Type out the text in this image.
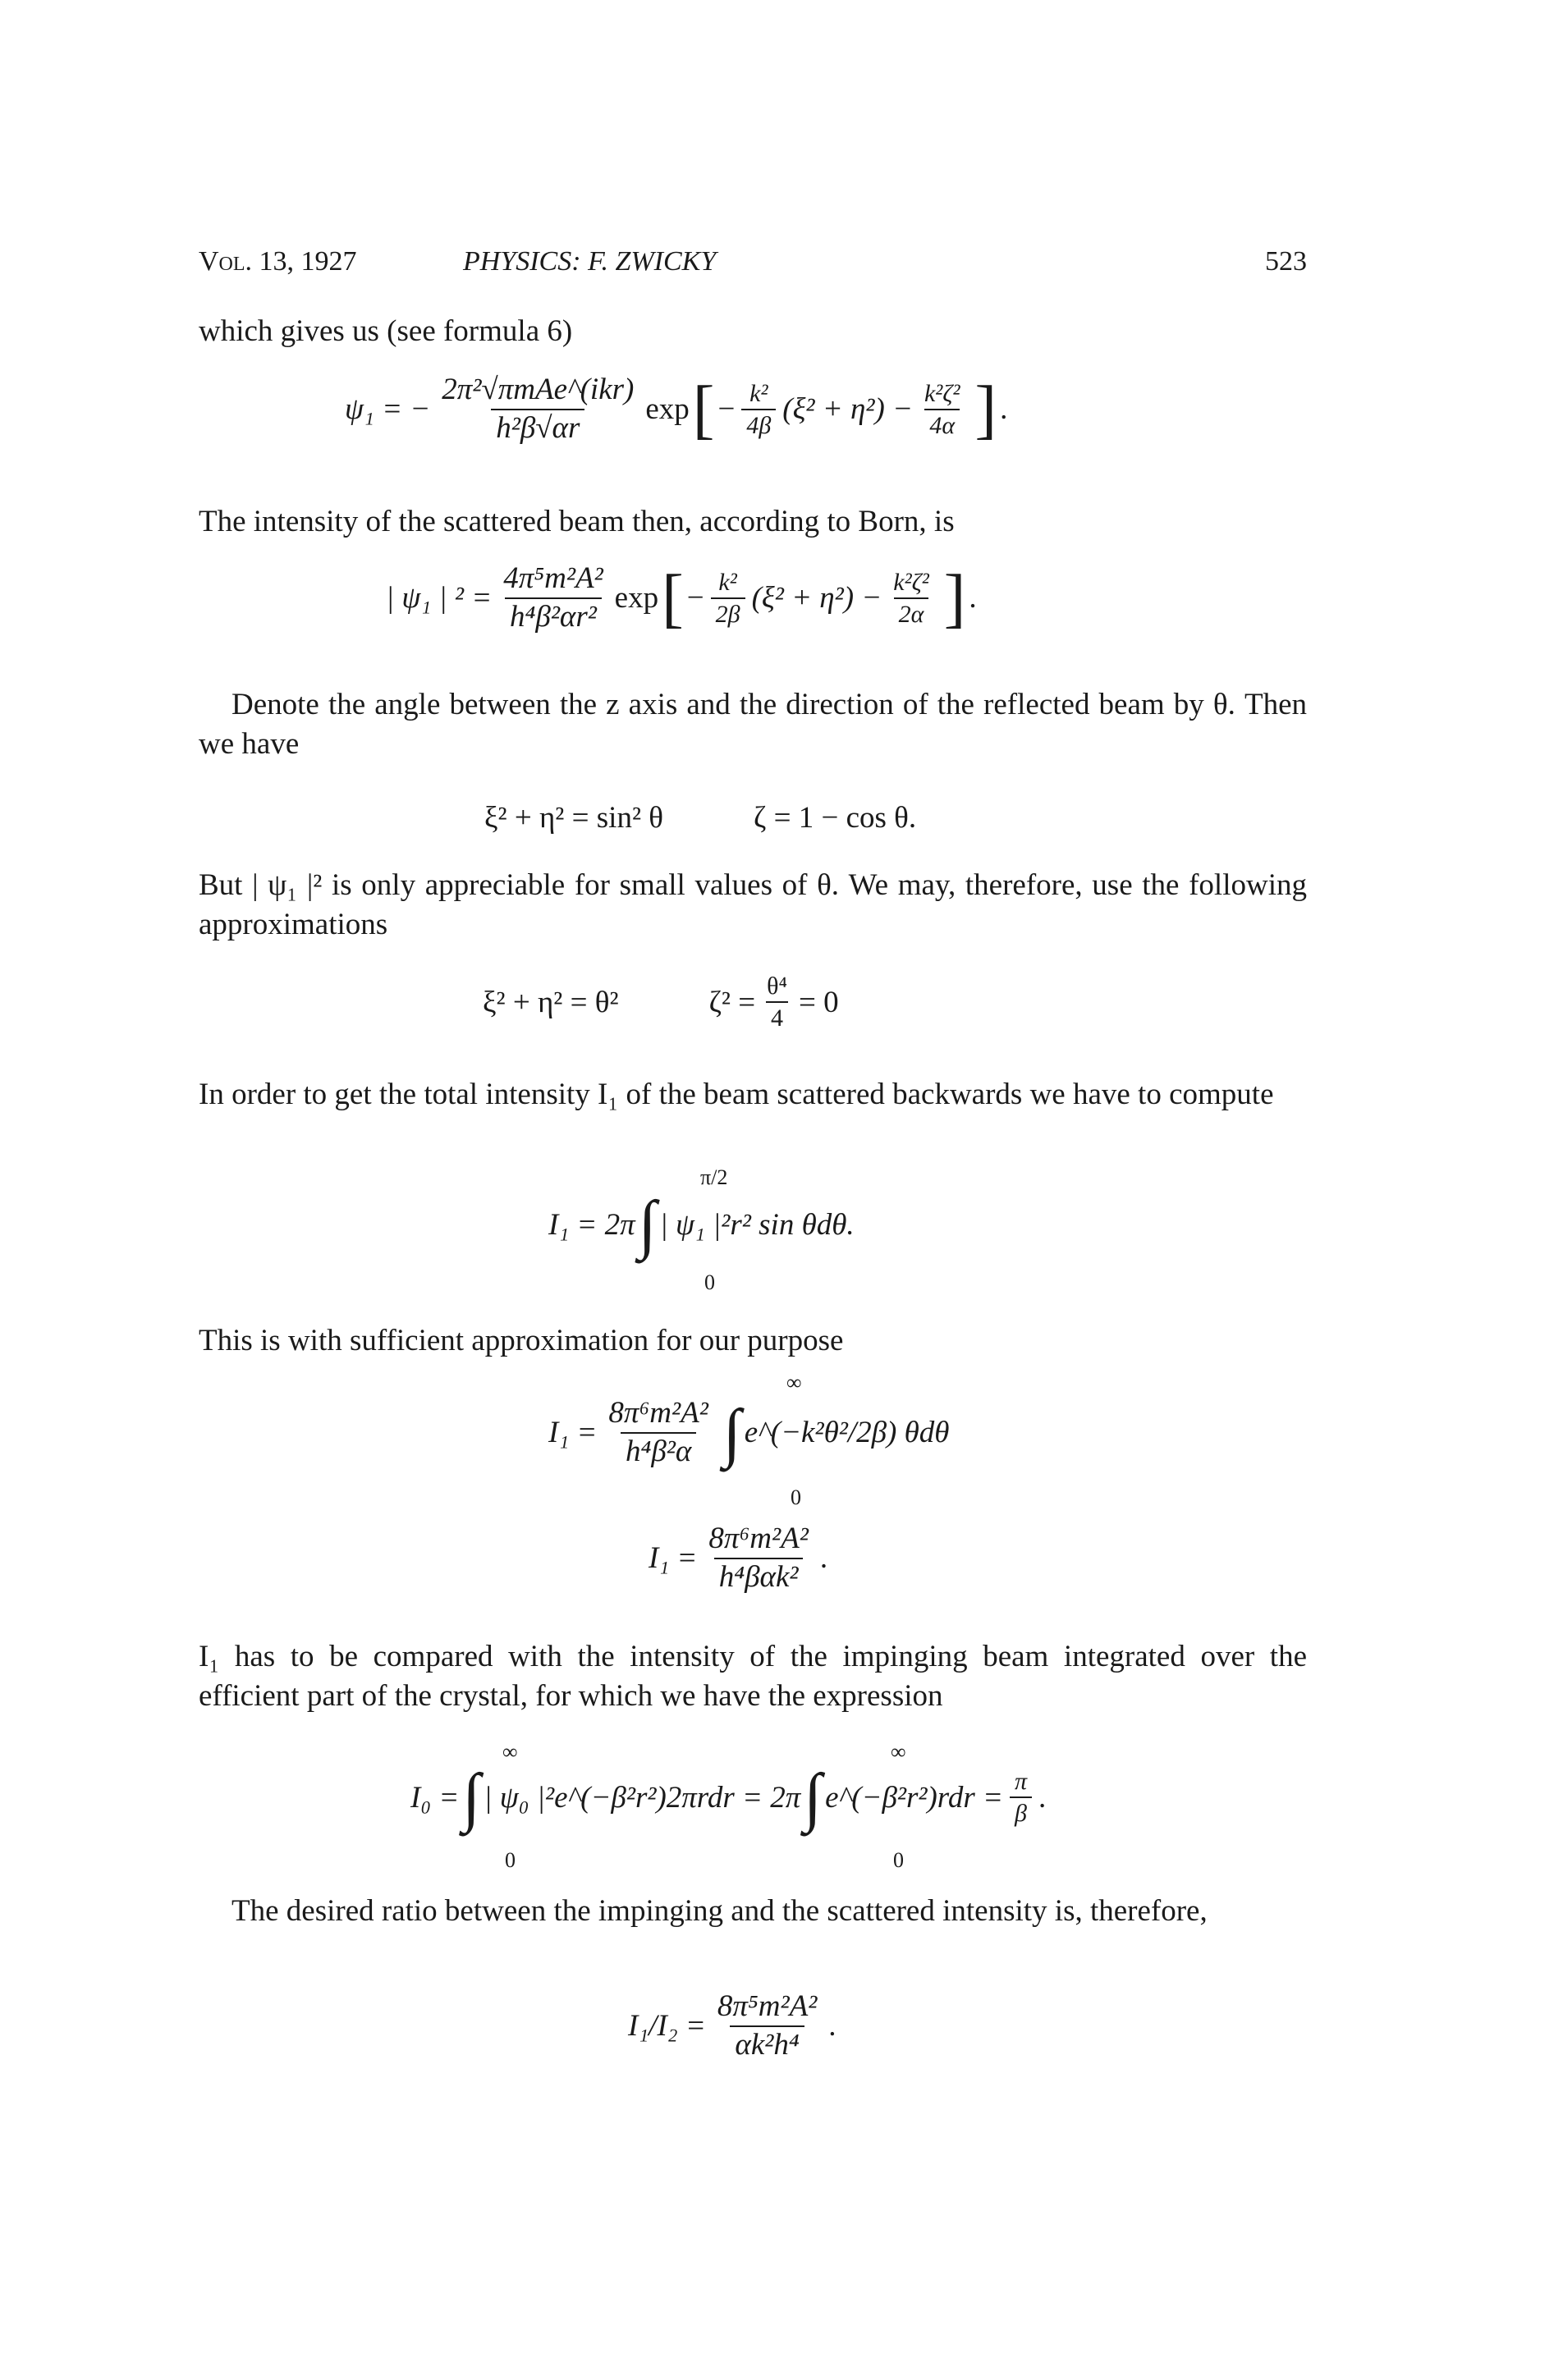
Vol. 13, 1927	PHYSICS: F. ZWICKY	523

which gives us (see formula 6)

ψ₁ = − $\frac{\text{2π²√πmAe\textasciicircum{}(ikr)}}{\text{h²β√αr}}$ exp [ − $\frac{\text{k²}}{4\beta} (\xi^2 + \eta^2) - \frac{\text{k²ζ²}}{4\alpha}$ ] .

The intensity of the scattered beam then, according to Born, is

| ψ₁ | $^2 = \frac{\text{4π⁵m²A²}}{\text{h⁴β²αr²}}$ exp [ − $\frac{\text{k²}}{2\beta} (\xi^2 + \eta^2) - \frac{\text{k²ζ²}}{2\alpha}$ ] .

Denote the angle between the z axis and the direction of the reflected beam by θ. Then we have

ξ² + η² = sin² θ	ζ = 1 − cos θ.

But | ψ₁ |² is only appreciable for small values of θ. We may, therefore, use the following approximations

ξ² + η² = θ²	$\zeta^2 = \frac{\text{θ⁴}}{4} = 0$

In order to get the total intensity I₁ of the beam scattered backwards we have to compute

π/2
I₁ = 2π ∫ | ψ₁ |²r² sin θdθ.
0

This is with sufficient approximation for our purpose

∞
$I_1 = \frac{\text{8π⁶m²A²}}{\text{h⁴β²α}}$ ∫ e^(−k²θ²/2β) θdθ
0
$I_1 = \frac{\text{8π⁶m²A²}}{\text{h⁴βαk²}}$ .

I₁ has to be compared with the intensity of the impinging beam integrated over the efficient part of the crystal, for which we have the expression

∞	∞
I₀ = ∫ | ψ₀ |²e^(−β²r²)2πrdr = 2π ∫ e^(−β²r²)rdr = $\frac{\pi}{\beta}$ .
0	0

The desired ratio between the impinging and the scattered intensity is, therefore,

$I_1/I_2 = \frac{\text{8π⁵m²A²}}{\text{αk²h⁴}}$ .
